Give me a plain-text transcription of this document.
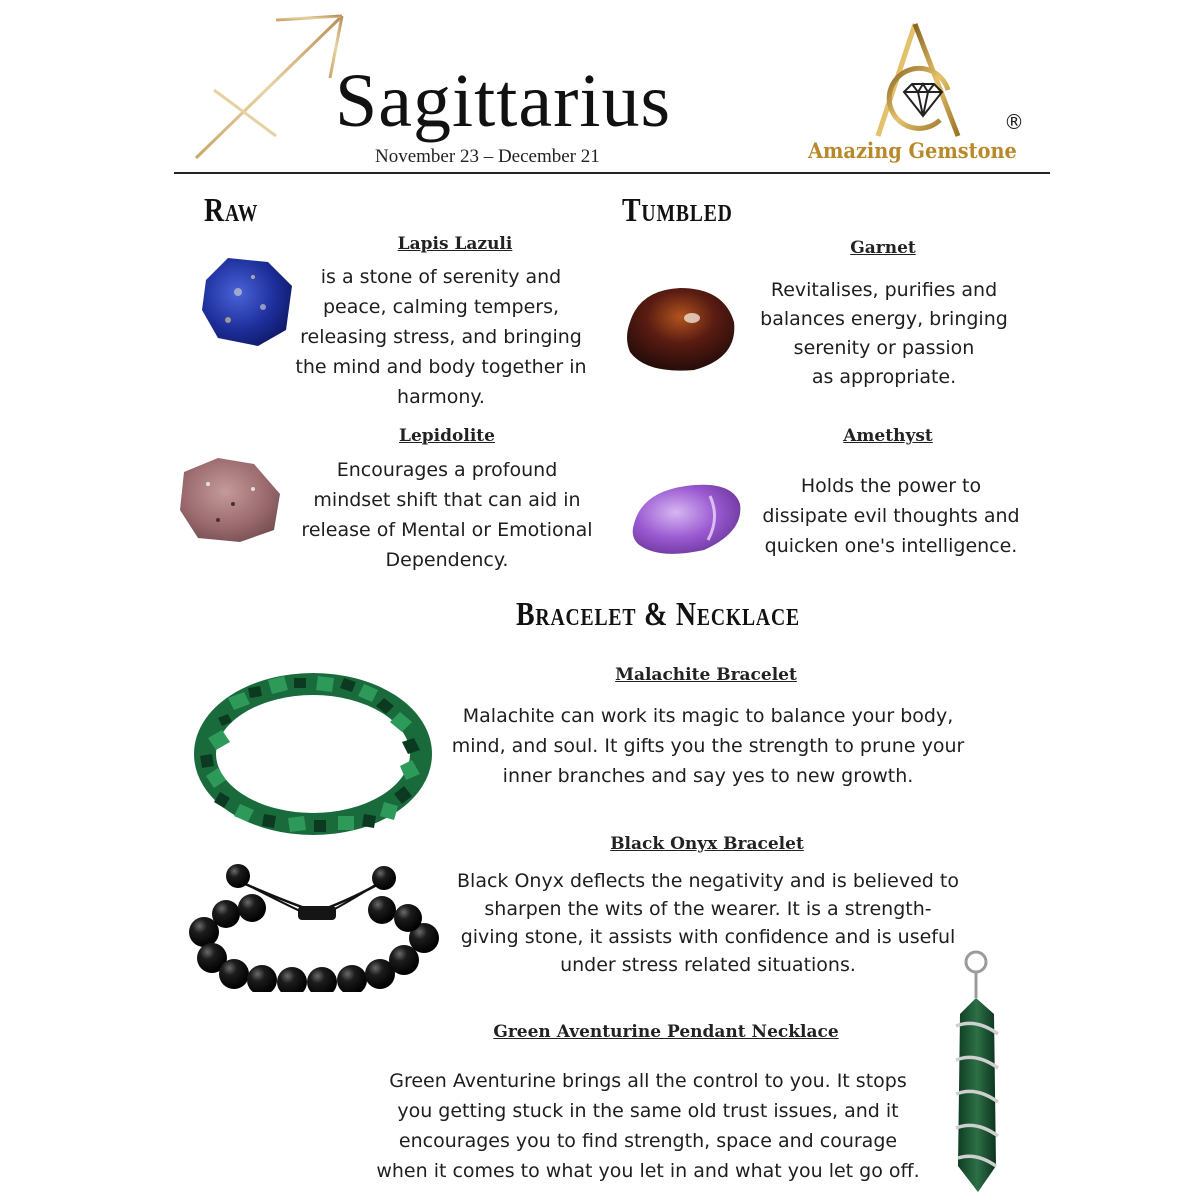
Sagittarius
November 23 – December 21	Amazing Gemstone
®
Raw
Lapis Lazuli
is a stone of serenity and
peace, calming tempers,
releasing stress, and bringing
the mind and body together in
harmony.
Lepidolite
Encourages a profound
mindset shift that can aid in
release of Mental or Emotional
Dependency.
Tumbled
Garnet
Revitalises, purifies and
balances energy, bringing
serenity or passion
as appropriate.
Amethyst
Holds the power to
dissipate evil thoughts and
quicken one's intelligence.
Bracelet & Necklace
Malachite Bracelet
Malachite can work its magic to balance your body,
mind, and soul. It gifts you the strength to prune your
inner branches and say yes to new growth.
Black Onyx Bracelet
Black Onyx deflects the negativity and is believed to
sharpen the wits of the wearer. It is a strength-
giving stone, it assists with confidence and is useful
under stress related situations.
Green Aventurine Pendant Necklace
Green Aventurine brings all the control to you. It stops
you getting stuck in the same old trust issues, and it
encourages you to find strength, space and courage
when it comes to what you let in and what you let go off.
